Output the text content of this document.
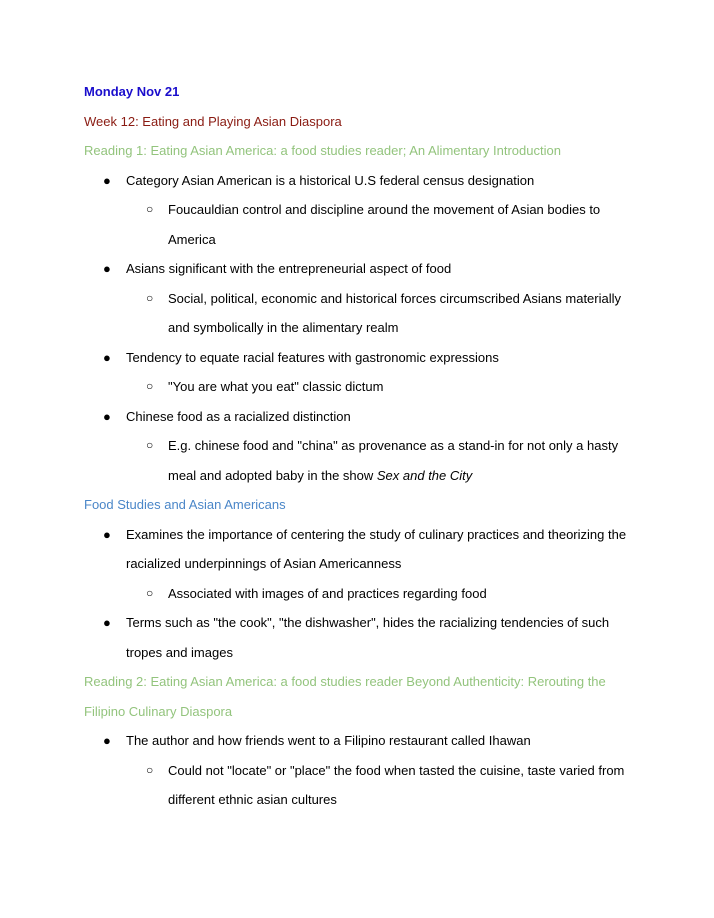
Monday Nov 21
Week 12: Eating and Playing Asian Diaspora
Reading 1: Eating Asian America: a food studies reader; An Alimentary Introduction
● Category Asian American is a historical U.S federal census designation
○ Foucauldian control and discipline around the movement of Asian bodies to America
● Asians significant with the entrepreneurial aspect of food
○ Social, political, economic and historical forces circumscribed Asians materially and symbolically in the alimentary realm
● Tendency to equate racial features with gastronomic expressions
○ "You are what you eat" classic dictum
● Chinese food as a racialized distinction
○ E.g. chinese food and "china" as provenance as a stand-in for not only a hasty meal and adopted baby in the show Sex and the City
Food Studies and Asian Americans
● Examines the importance of centering the study of culinary practices and theorizing the racialized underpinnings of Asian Americanness
○ Associated with images of and practices regarding food
● Terms such as "the cook", "the dishwasher", hides the racializing tendencies of such tropes and images
Reading 2: Eating Asian America: a food studies reader Beyond Authenticity: Rerouting the Filipino Culinary Diaspora
● The author and how friends went to a Filipino restaurant called Ihawan
○ Could not "locate" or "place" the food when tasted the cuisine, taste varied from different ethnic asian cultures
